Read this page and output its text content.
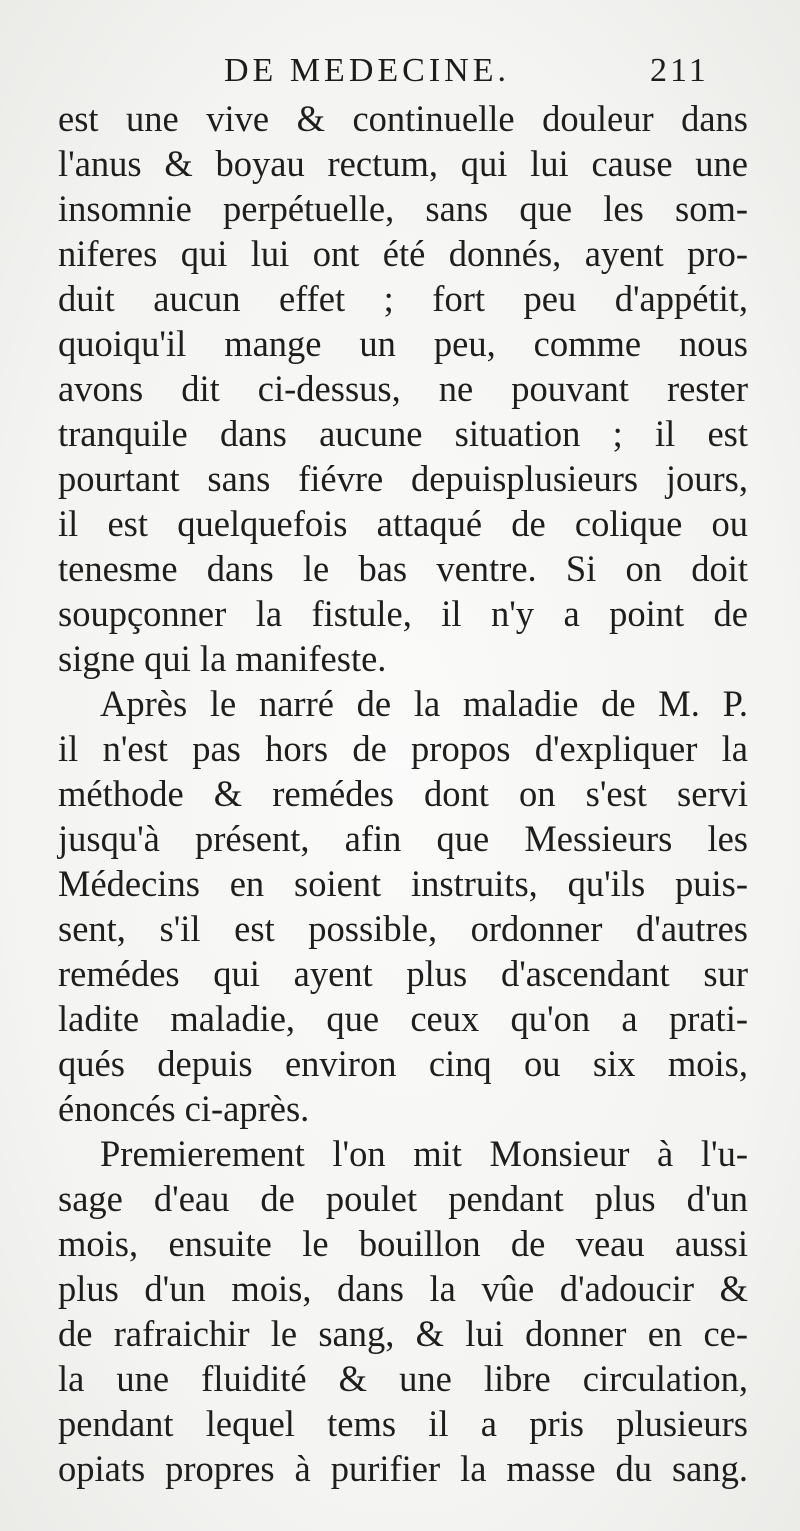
DE MEDECINE.	211
est une vive & continuelle douleur dans
l'anus & boyau rectum, qui lui cause une
insomnie perpétuelle, sans que les som-
niferes qui lui ont été donnés, ayent pro-
duit aucun effet ; fort peu d'appétit,
quoiqu'il mange un peu, comme nous
avons dit ci-dessus, ne pouvant rester
tranquile dans aucune situation ; il est
pourtant sans fiévre depuisplusieurs jours,
il est quelquefois attaqué de colique ou
tenesme dans le bas ventre. Si on doit
soupçonner la fistule, il n'y a point de
signe qui la manifeste.
Après le narré de la maladie de M. P.
il n'est pas hors de propos d'expliquer la
méthode & remédes dont on s'est servi
jusqu'à présent, afin que Messieurs les
Médecins en soient instruits, qu'ils puis-
sent, s'il est possible, ordonner d'autres
remédes qui ayent plus d'ascendant sur
ladite maladie, que ceux qu'on a prati-
qués depuis environ cinq ou six mois,
énoncés ci-après.
Premierement l'on mit Monsieur à l'u-
sage d'eau de poulet pendant plus d'un
mois, ensuite le bouillon de veau aussi
plus d'un mois, dans la vûe d'adoucir &
de rafraichir le sang, & lui donner en ce-
la une fluidité & une libre circulation,
pendant lequel tems il a pris plusieurs
opiats propres à purifier la masse du sang.
